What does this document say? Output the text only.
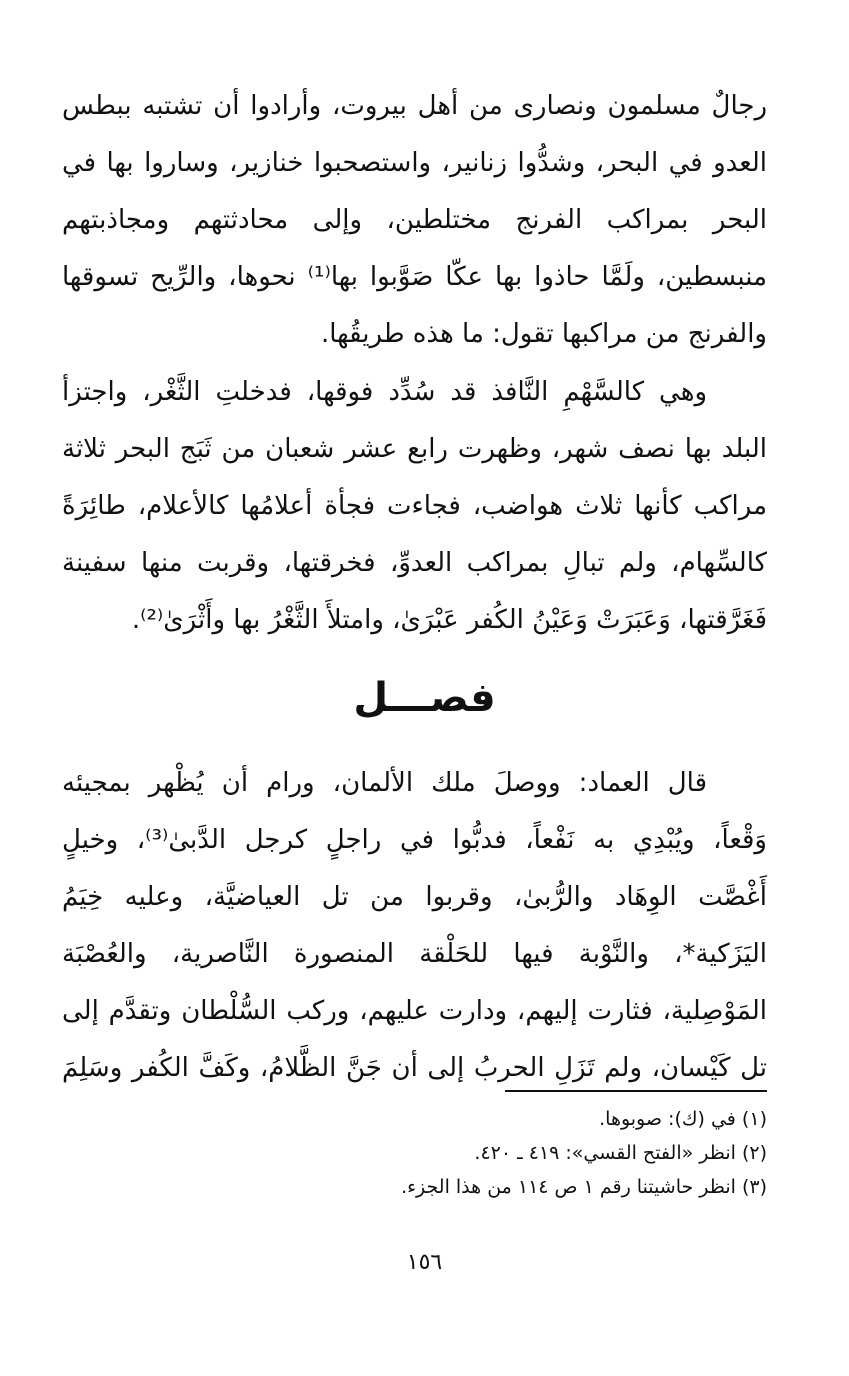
رجالٌ مسلمون ونصارى من أهل بيروت، وأرادوا أن تشتبه ببطس
العدو في البحر، وشدُّوا زنانير، واستصحبوا خنازير، وساروا بها في
البحر بمراكب الفرنج مختلطين، وإلى محادثتهم ومجاذبتهم
منبسطين، ولَمَّا حاذوا بها عكّا صَوَّبوا بها⁽¹⁾ نحوها، والرِّيح تسوقها
والفرنج من مراكبها تقول: ما هذه طريقُها.
وهي كالسَّهْمِ النَّافذ قد سُدِّد فوقها، فدخلتِ الثَّغْر، واجتزأ
البلد بها نصف شهر، وظهرت رابع عشر شعبان من ثَبَج البحر ثلاثة
مراكب كأنها ثلاث هواضب، فجاءت فجأة أعلامُها كالأعلام، طائِرَةً
كالسِّهام، ولم تبالِ بمراكب العدوِّ، فخرقتها، وقربت منها سفينة
فَغَرَّقتها، وَعَبَرَتْ وَعَيْنُ الكُفر عَبْرَىٰ، وامتلأَ الثَّغْرُ بها وأَثْرَىٰ⁽²⁾.
فصـــل
قال العماد: ووصلَ ملك الألمان، ورام أن يُظْهر بمجيئه
وَقْعاً، ويُبْدِي به نَفْعاً، فدبُّوا في راجلٍ كرجل الدَّبىٰ⁽³⁾، وخيلٍ
أَغْصَّت الوِهَاد والرُّبىٰ، وقربوا من تل العياضيَّة، وعليه خِيَمُ
اليَزَكية*، والنَّوْبة فيها للحَلْقة المنصورة النَّاصرية، والعُصْبَة
المَوْصِلية، فثارت إليهم، ودارت عليهم، وركب السُّلْطان وتقدَّم إلى
تل كَيْسان، ولم تَزَلِ الحربُ إلى أن جَنَّ الظَّلامُ، وكَفَّ الكُفر وسَلِمَ
(١) في (ك): صوبوها.
(٢) انظر «الفتح القسي»: ٤١٩ ـ ٤٢٠.
(٣) انظر حاشيتنا رقم ١ ص ١١٤ من هذا الجزء.
١٥٦
